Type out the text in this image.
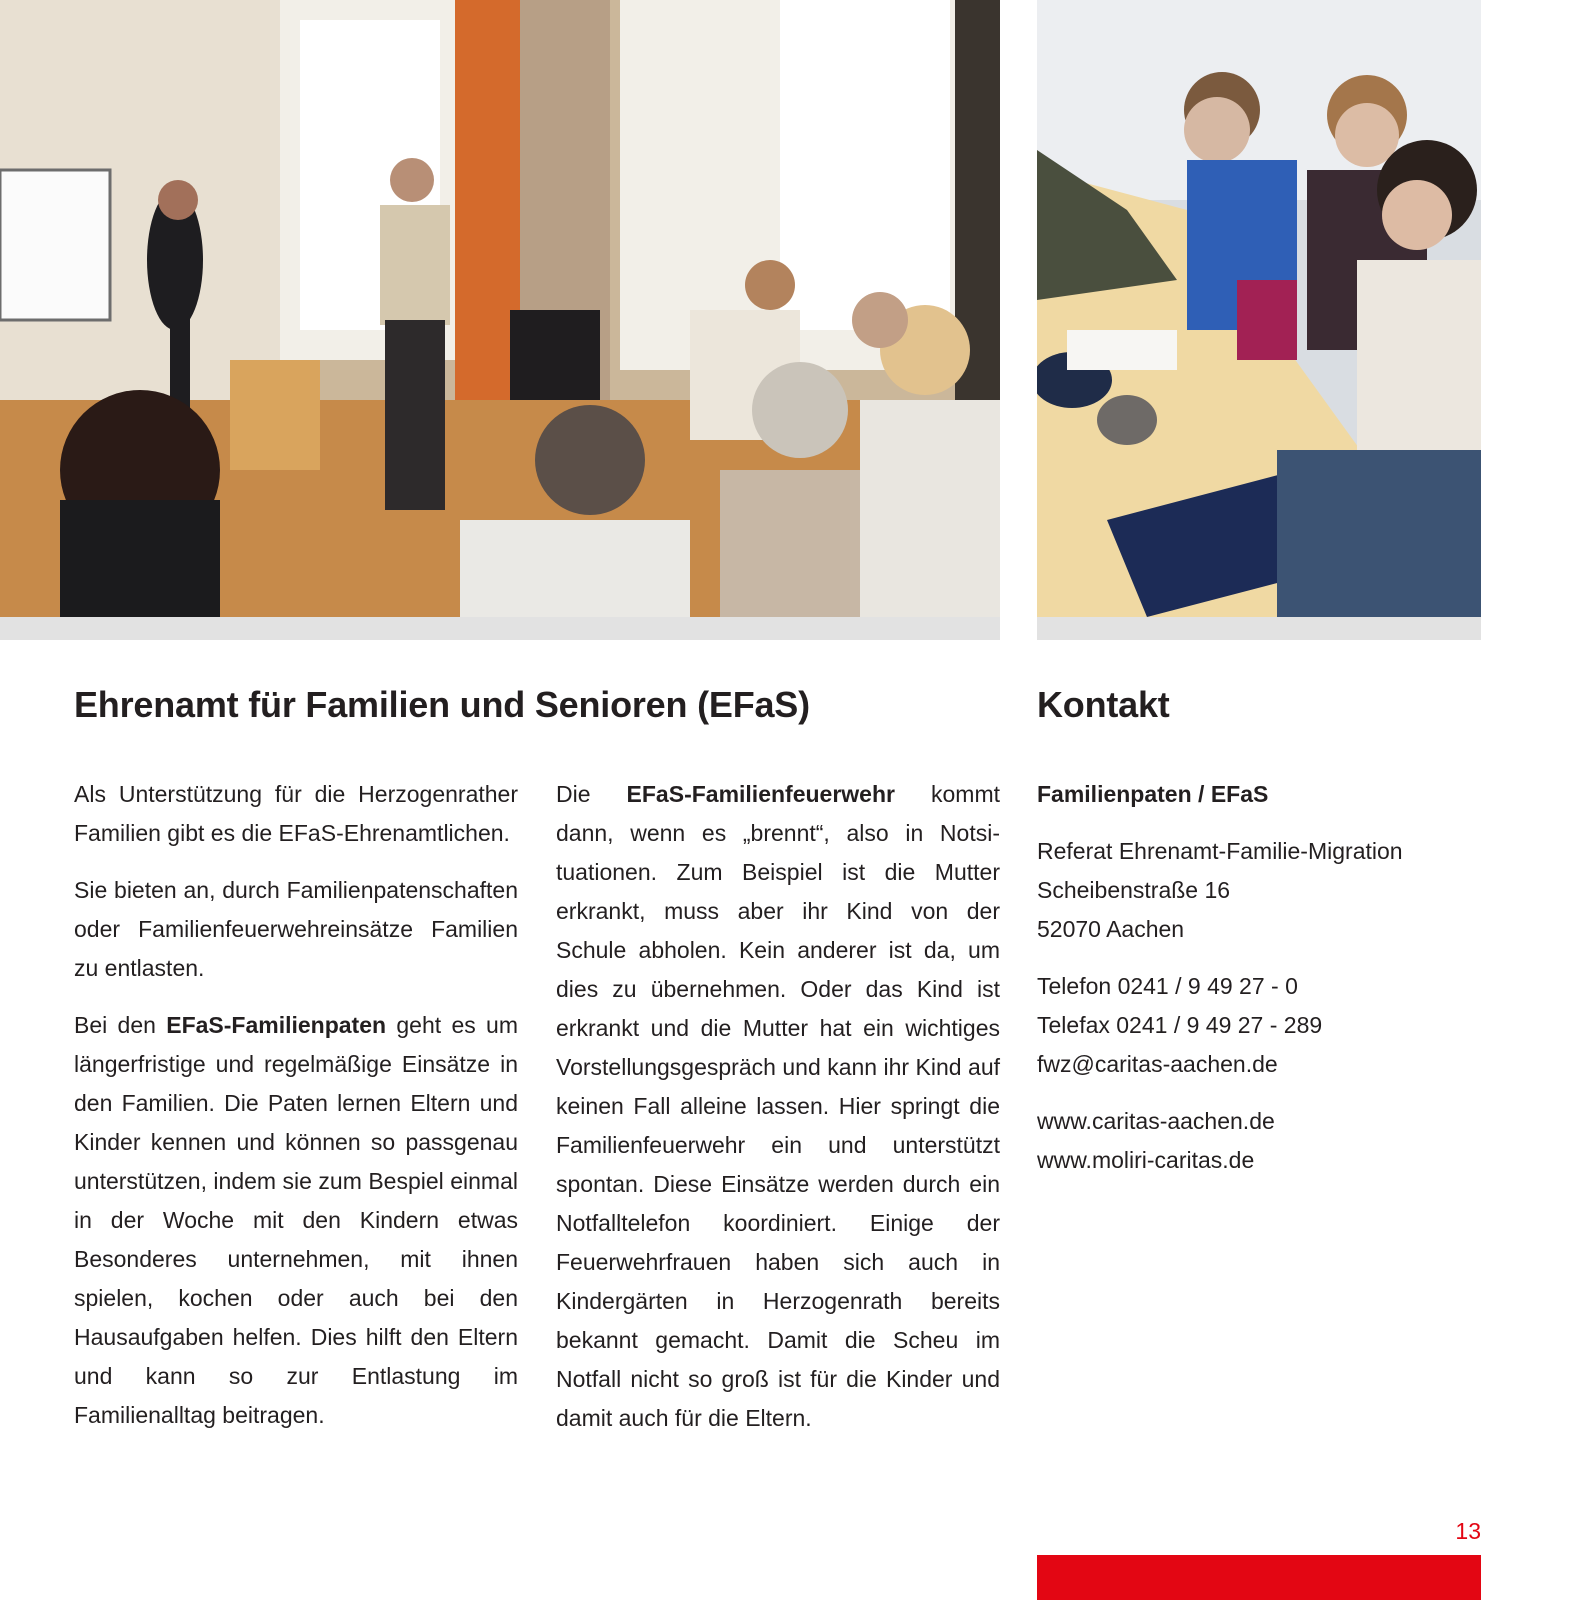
Ehrenamt für Familien und Senioren (EFaS)	Kontakt

Als Unterstützung für die Herzogenrather Familien gibt es die EFaS-Ehrenamtlichen.

Sie bieten an, durch Familienpatenschaften oder Familienfeuerwehreinsätze Familien zu entlasten.

Bei den EFaS-Familienpaten geht es um längerfristige und regelmäßige Einsätze in den Familien. Die Paten lernen Eltern und Kinder kennen und können so passgenau unterstützen, indem sie zum Bespiel einmal in der Woche mit den Kindern etwas Besonderes unternehmen, mit ihnen spielen, kochen oder auch bei den Hausaufgaben helfen. Dies hilft den Eltern und kann so zur Entlastung im Familienalltag beitragen.

Die EFaS-Familienfeuerwehr kommt dann, wenn es „brennt“, also in Notsituationen. Zum Beispiel ist die Mutter erkrankt, muss aber ihr Kind von der Schule abholen. Kein anderer ist da, um dies zu übernehmen. Oder das Kind ist erkrankt und die Mutter hat ein wichtiges Vorstellungsgespräch und kann ihr Kind auf keinen Fall alleine lassen. Hier springt die Familienfeuerwehr ein und unterstützt spontan. Diese Einsätze werden durch ein Notfalltelefon koordiniert. Einige der Feuerwehrfrauen haben sich auch in Kindergärten in Herzogenrath bereits bekannt gemacht. Damit die Scheu im Notfall nicht so groß ist für die Kinder und damit auch für die Eltern.

Familienpaten / EFaS
Referat Ehrenamt-Familie-Migration
Scheibenstraße 16
52070 Aachen
Telefon 0241 / 9 49 27 - 0
Telefax 0241 / 9 49 27 - 289
fwz@caritas-aachen.de
www.caritas-aachen.de
www.moliri-caritas.de
13
